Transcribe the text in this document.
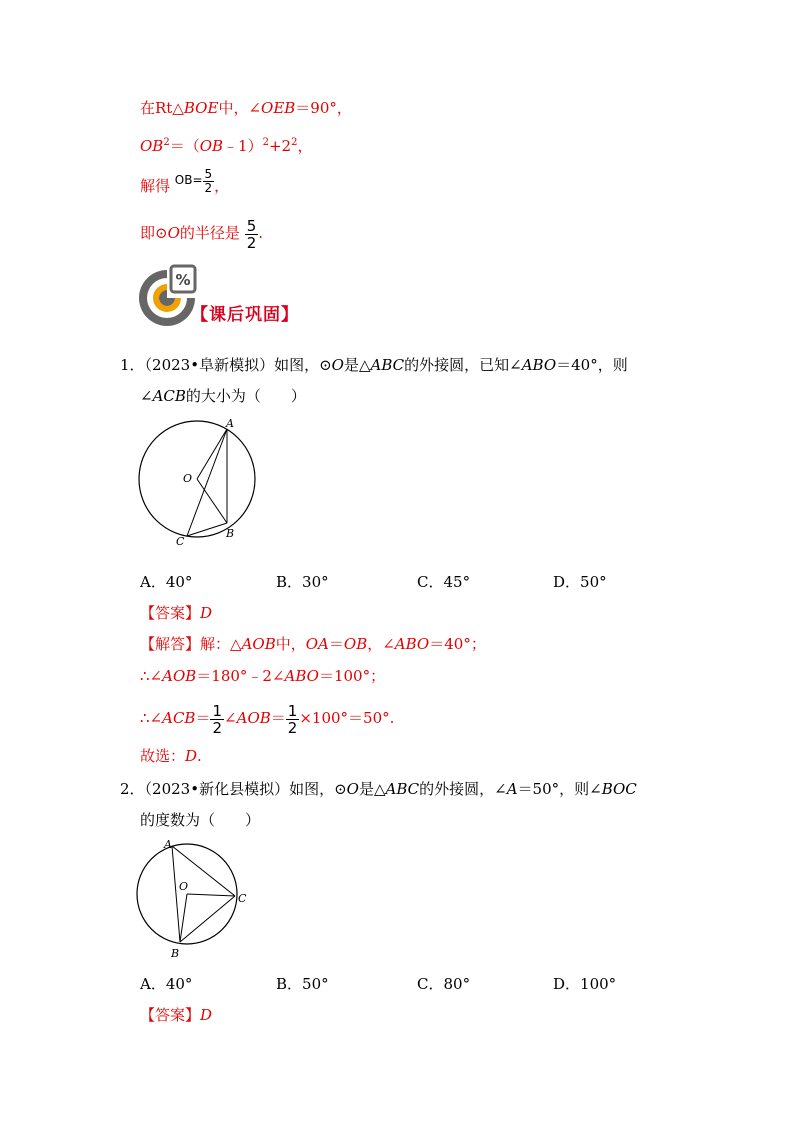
在Rt△BOE中，∠OEB＝90°，
$OB^2=(OB﹣1)^2+2^2$，
解得 $^{OB=} \frac{5}{2}$ ，
即⊙O的半径是 $\frac{5}{2}$ .
%
【课后巩固】
1．（2023•阜新模拟）如图，⊙O是△ABC的外接圆，已知∠ABO＝40°，则
∠ACB的大小为（　　）
A
O
C
B
A．40°	B．30°	C．45°	D．50°
【答案】D
【解答】解：△AOB中，OA＝OB，∠ABO＝40°；
∴∠AOB＝180°﹣2∠ABO＝100°；
∴∠ACB＝ $\frac{1}{2}$ ∠AOB＝ $\frac{1}{2} \times 100^\circ=50^\circ$.
故选：D.
2．（2023•新化县模拟）如图，⊙O是△ABC的外接圆，∠A＝50°，则∠BOC
的度数为（　　）
A
O
C
B
A．40°	B．50°	C．80°	D．100°
【答案】D
